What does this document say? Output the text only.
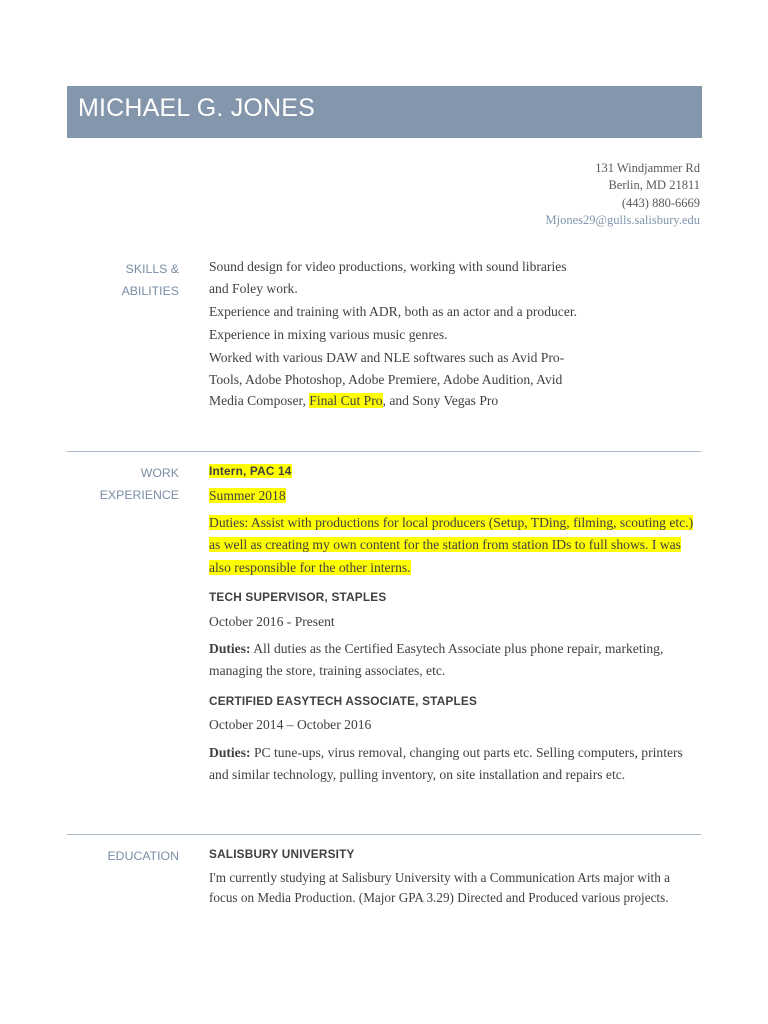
MICHAEL G. JONES
131 Windjammer Rd
Berlin, MD 21811
(443) 880-6669
Mjones29@gulls.salisbury.edu
SKILLS & ABILITIES

Sound design for video productions, working with sound libraries and Foley work.

Experience and training with ADR, both as an actor and a producer.

Experience in mixing various music genres.

Worked with various DAW and NLE softwares such as Avid Pro-Tools, Adobe Photoshop, Adobe Premiere, Adobe Audition, Avid Media Composer, Final Cut Pro, and Sony Vegas Pro

WORK
EXPERIENCE
Intern, PAC 14
Summer 2018
Duties: Assist with productions for local producers (Setup, TDing, filming, scouting etc.) as well as creating my own content for the station from station IDs to full shows. I was also responsible for the other interns.
TECH SUPERVISOR, STAPLES
October 2016 - Present
Duties: All duties as the Certified Easytech Associate plus phone repair, marketing, managing the store, training associates, etc.
CERTIFIED EASYTECH ASSOCIATE, STAPLES
October 2014 – October 2016
Duties: PC tune-ups, virus removal, changing out parts etc. Selling computers, printers and similar technology, pulling inventory, on site installation and repairs etc.
EDUCATION	SALISBURY UNIVERSITY
I'm currently studying at Salisbury University with a Communication Arts major with a focus on Media Production. (Major GPA 3.29) Directed and Produced various projects.
